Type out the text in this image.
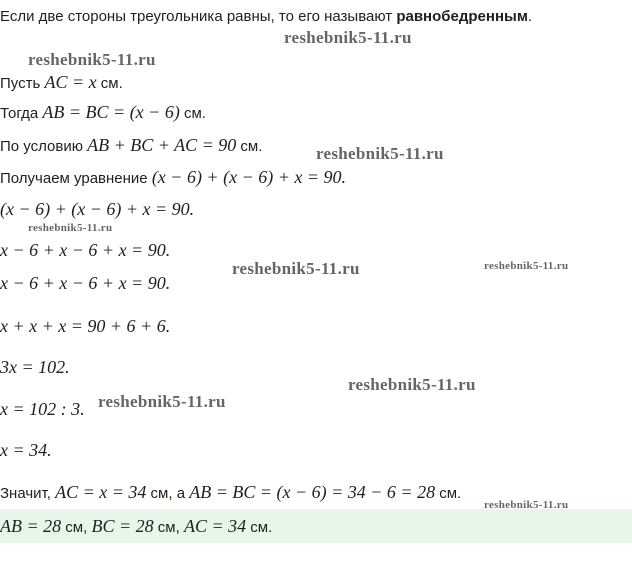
Если две стороны треугольника равны, то его называют равнобедренным.
Пусть AC = x см.
Тогда AB = BC = (x − 6) см.
По условию AB + BC + AC = 90 см.
Получаем уравнение (x − 6) + (x − 6) + x = 90.
(x − 6) + (x − 6) + x = 90.
x − 6 + x − 6 + x = 90.
x − 6 + x − 6 + x = 90.
x + x + x = 90 + 6 + 6.
3x = 102.
x = 102 : 3.
x = 34.
Значит, AC = x = 34 см, а AB = BC = (x − 6) = 34 − 6 = 28 см.
AB = 28 см, BC = 28 см, AC = 34 см.
reshebnik5-11.ru
reshebnik5-11.ru
reshebnik5-11.ru
reshebnik5-11.ru
reshebnik5-11.ru	reshebnik5-11.ru
reshebnik5-11.ru
reshebnik5-11.ru
reshebnik5-11.ru
